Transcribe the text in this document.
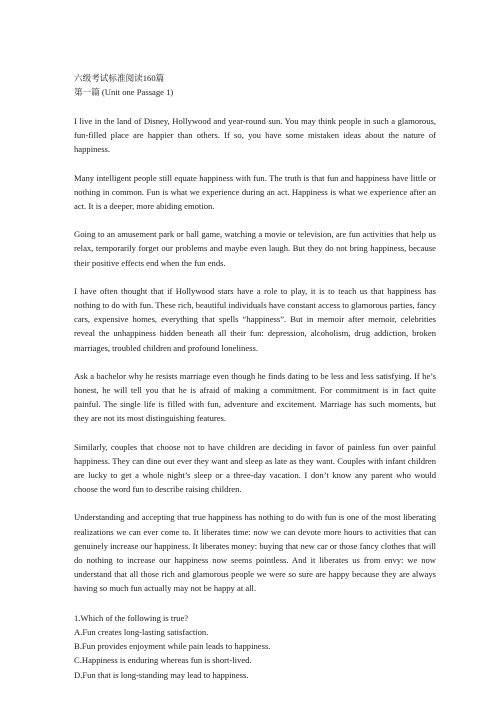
六级考试标准阅读160篇
第一篇 (Unit one Passage 1)

I live in the land of Disney, Hollywood and year-round sun. You may think people in such a glamorous, fun-filled place are happier than others. If so, you have some mistaken ideas about the nature of happiness.

Many intelligent people still equate happiness with fun. The truth is that fun and happiness have little or nothing in common. Fun is what we experience during an act. Happiness is what we experience after an act. It is a deeper, more abiding emotion.

Going to an amusement park or ball game, watching a movie or television, are fun activities that help us relax, temporarily forget our problems and maybe even laugh. But they do not bring happiness, because their positive effects end when the fun ends.

I have often thought that if Hollywood stars have a role to play, it is to teach us that happiness has nothing to do with fun. These rich, beautiful individuals have constant access to glamorous parties, fancy cars, expensive homes, everything that spells “happiness”. But in memoir after memoir, celebrities reveal the unhappiness hidden beneath all their fun: depression, alcoholism, drug addiction, broken marriages, troubled children and profound loneliness.

Ask a bachelor why he resists marriage even though he finds dating to be less and less satisfying. If he’s honest, he will tell you that he is afraid of making a commitment. For commitment is in fact quite painful. The single life is filled with fun, adventure and excitement. Marriage has such moments, but they are not its most distinguishing features.

Similarly, couples that choose not to have children are deciding in favor of painless fun over painful happiness. They can dine out ever they want and sleep as late as they want. Couples with infant children are lucky to get a whole night’s sleep or a three-day vacation. I don’t know any parent who would choose the word fun to describe raising children.

Understanding and accepting that true happiness has nothing to do with fun is one of the most liberating realizations we can ever come to. It liberates time: now we can devote more hours to activities that can genuinely increase our happiness. It liberates money: buying that new car or those fancy clothes that will do nothing to increase our happiness now seems pointless. And it liberates us from envy: we now understand that all those rich and glamorous people we were so sure are happy because they are always having so much fun actually may not be happy at all.

1.Which of the following is true?

A.Fun creates long-lasting satisfaction.

B.Fun provides enjoyment while pain leads to happiness.

C.Happiness is enduring whereas fun is short-lived.

D.Fun that is long-standing may lead to happiness.
